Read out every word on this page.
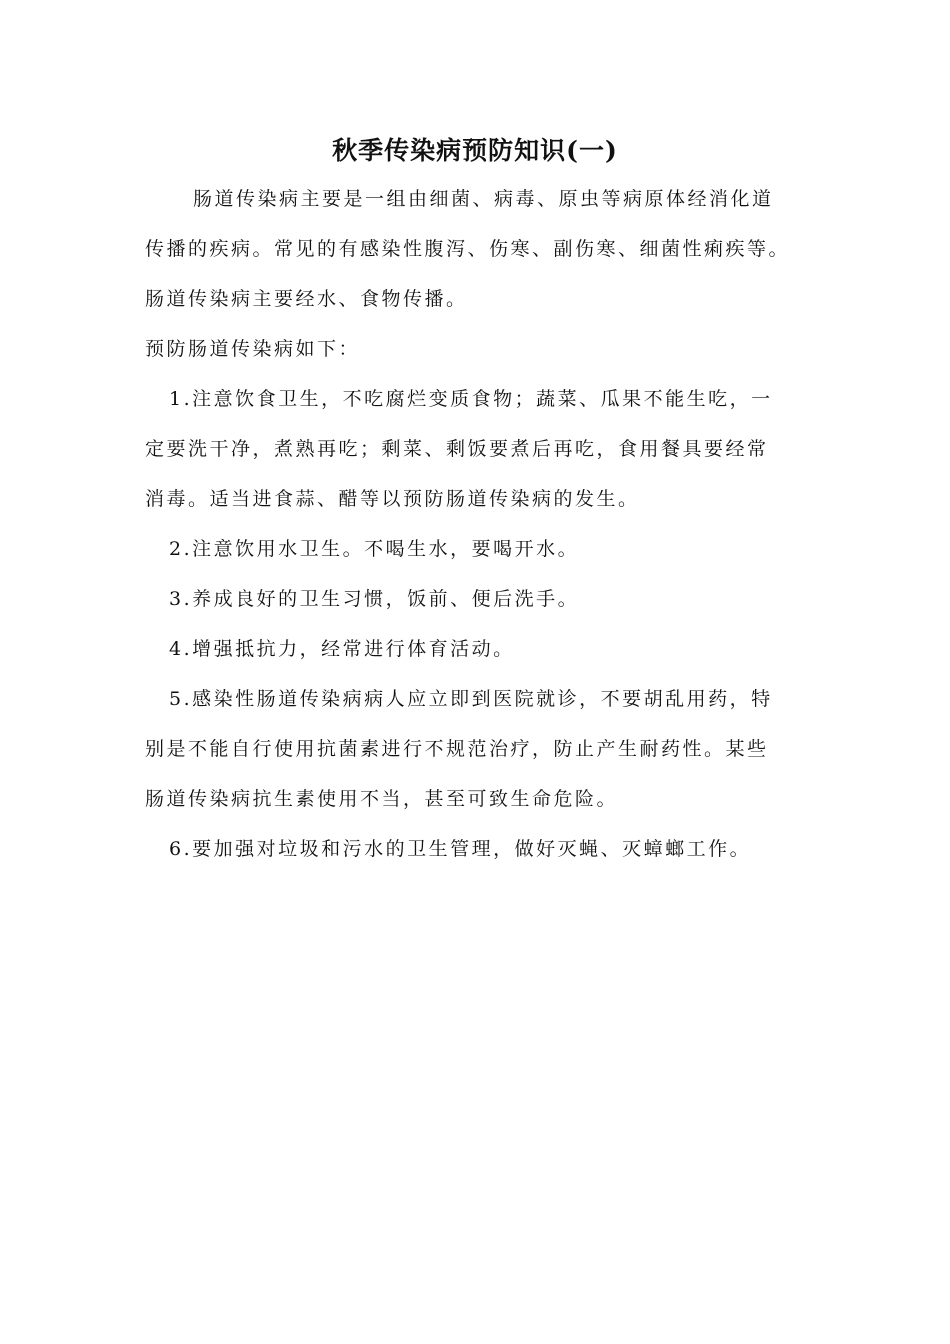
秋季传染病预防知识(一)
肠道传染病主要是一组由细菌、病毒、原虫等病原体经消化道
传播的疾病。常见的有感染性腹泻、伤寒、副伤寒、细菌性痢疾等。
肠道传染病主要经水、食物传播。
预防肠道传染病如下：
1.注意饮食卫生，不吃腐烂变质食物；蔬菜、瓜果不能生吃，一
定要洗干净，煮熟再吃；剩菜、剩饭要煮后再吃，食用餐具要经常
消毒。适当进食蒜、醋等以预防肠道传染病的发生。
2.注意饮用水卫生。不喝生水，要喝开水。
3.养成良好的卫生习惯，饭前、便后洗手。
4.增强抵抗力，经常进行体育活动。
5.感染性肠道传染病病人应立即到医院就诊，不要胡乱用药，特
别是不能自行使用抗菌素进行不规范治疗，防止产生耐药性。某些
肠道传染病抗生素使用不当，甚至可致生命危险。
6.要加强对垃圾和污水的卫生管理，做好灭蝇、灭蟑螂工作。
